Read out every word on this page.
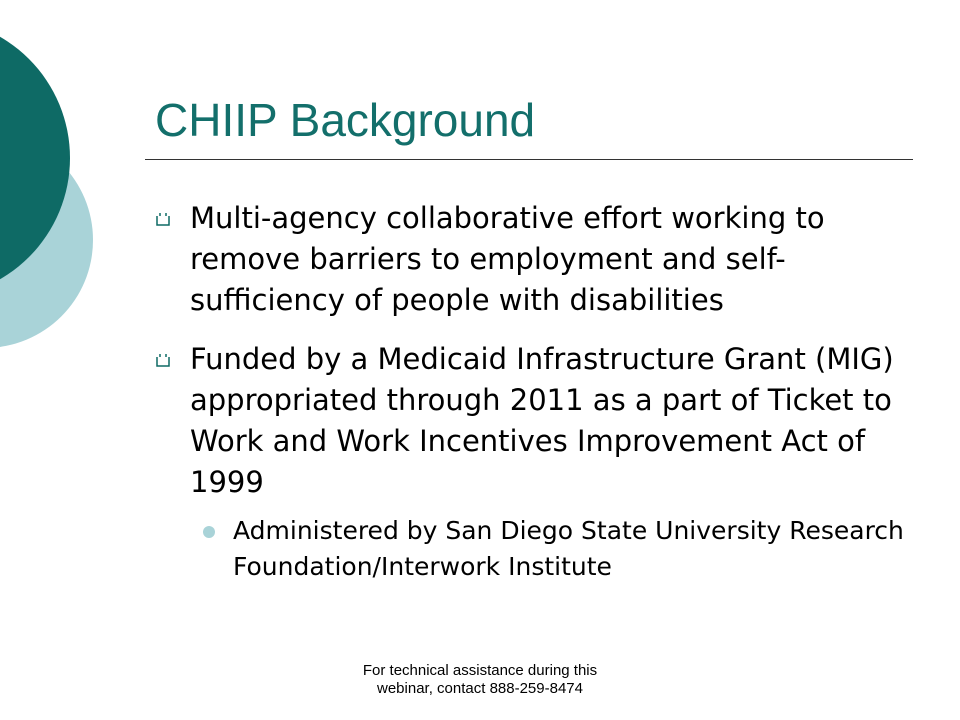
CHIIP Background
Multi-agency collaborative effort working to remove barriers to employment and self-sufficiency of people with disabilities
Funded by a Medicaid Infrastructure Grant (MIG) appropriated through 2011 as a part of Ticket to Work and Work Incentives Improvement Act of 1999
Administered by San Diego State University Research Foundation/Interwork Institute
For technical assistance during this
webinar, contact 888-259-8474
